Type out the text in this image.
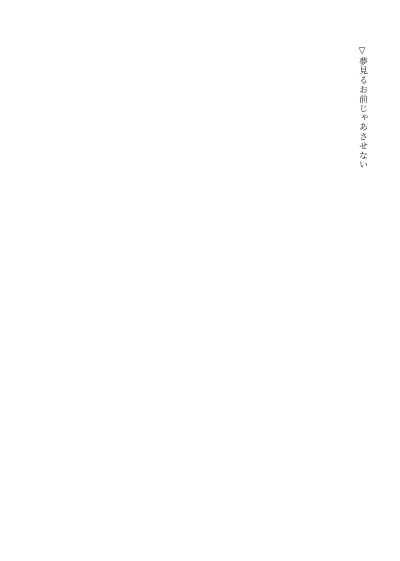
▽夢見るお前じゃあさせない
